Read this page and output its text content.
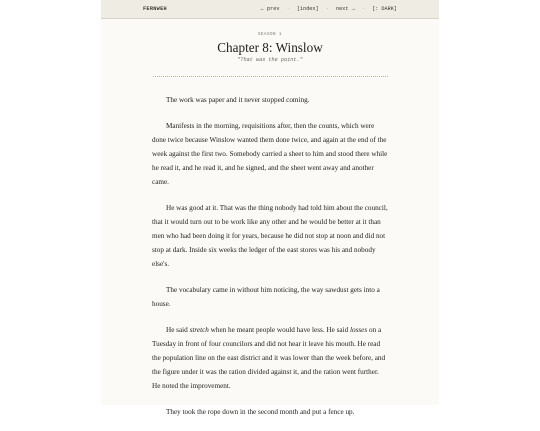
FERNWEH	← prev · [index] · next → · [: DARK]
SEASON 1
Chapter 8: Winslow
"That was the point."

The work was paper and it never stopped coming.

Manifests in the morning, requisitions after, then the counts, which were done twice because Winslow wanted them done twice, and again at the end of the week against the first two. Somebody carried a sheet to him and stood there while he read it, and he read it, and he signed, and the sheet went away and another came.

He was good at it. That was the thing nobody had told him about the council, that it would turn out to be work like any other and he would be better at it than men who had been doing it for years, because he did not stop at noon and did not stop at dark. Inside six weeks the ledger of the east stores was his and nobody else's.

The vocabulary came in without him noticing, the way sawdust gets into a house.

He said stretch when he meant people would have less. He said losses on a Tuesday in front of four councilors and did not hear it leave his mouth. He read the population line on the east district and it was lower than the week before, and the figure under it was the ration divided against it, and the ration went further. He noted the improvement.

They took the rope down in the second month and put a fence up.
